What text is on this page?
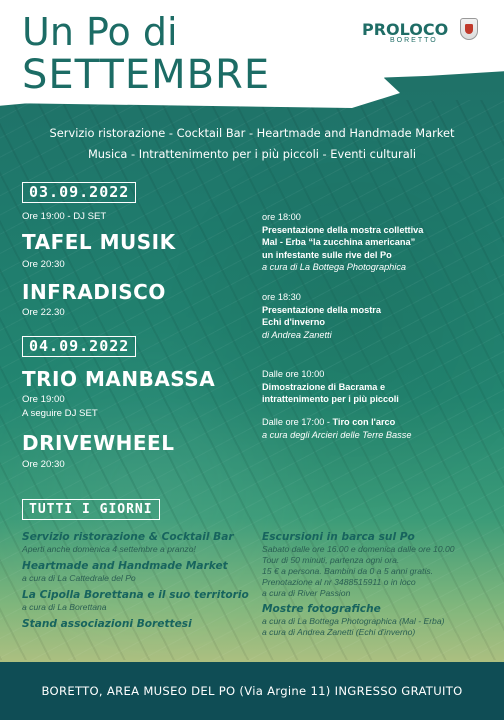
Un Po di
SETTEMBRE
PROLOCO
BORETTO
Servizio ristorazione - Cocktail Bar - Heartmade and Handmade Market
Musica - Intrattenimento per i più piccoli - Eventi culturali
03.09.2022
Ore 19:00 - DJ SET
TAFEL MUSIK
Ore 20:30
INFRADISCO
Ore 22.30
ore 18:00
Presentazione della mostra collettiva
Mal - Erba “la zucchina americana”
un infestante sulle rive del Po
a cura di La Bottega Photographica
ore 18:30
Presentazione della mostra
Echi d'inverno
di Andrea Zanetti
04.09.2022
TRIO MANBASSA
Ore 19:00
A seguire DJ SET
DRIVEWHEEL
Ore 20:30
Dalle ore 10:00
Dimostrazione di Bacrama e
intrattenimento per i più piccoli
Dalle ore 17:00 - Tiro con l'arco
a cura degli Arcieri delle Terre Basse
TUTTI I GIORNI
Servizio ristorazione & Cocktail Bar
Aperti anche domenica 4 settembre a pranzo!
Heartmade and Handmade Market
a cura di La Cattedrale del Po
La Cipolla Borettana e il suo territorio
a cura di La Borettana
Stand associazioni Borettesi
Escursioni in barca sul Po
Sabato dalle ore 16.00 e domenica dalle ore 10.00
Tour di 50 minuti, partenza ogni ora.
15 € a persona. Bambini da 0 a 5 anni gratis.
Prenotazione al nr 3488515911 o in loco
a cura di River Passion
Mostre fotografiche
a cura di La Bottega Photographica (Mal - Erba)
a cura di Andrea Zanetti (Echi d'inverno)
BORETTO, AREA MUSEO DEL PO (Via Argine 11) INGRESSO GRATUITO
